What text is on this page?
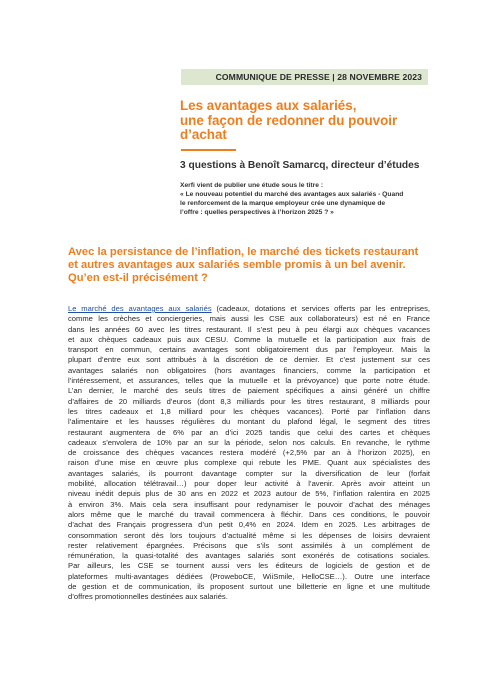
COMMUNIQUE DE PRESSE | 28 NOVEMBRE 2023
Les avantages aux salariés,
une façon de redonner du pouvoir
d’achat
3 questions à Benoît Samarcq, directeur d’études
Xerfi vient de publier une étude sous le titre :
« Le nouveau potentiel du marché des avantages aux salariés - Quand
le renforcement de la marque employeur crée une dynamique de
l’offre : quelles perspectives à l’horizon 2025 ? »
Avec la persistance de l’inflation, le marché des tickets restaurant
et autres avantages aux salariés semble promis à un bel avenir.
Qu’en est-il précisément ?
Le marché des avantages aux salariés (cadeaux, dotations et services offerts par les entreprises,
comme les crèches et conciergeries, mais aussi les CSE aux collaborateurs) est né en France
dans les années 60 avec les titres restaurant. Il s’est peu à peu élargi aux chèques vacances
et aux chèques cadeaux puis aux CESU. Comme la mutuelle et la participation aux frais de
transport en commun, certains avantages sont obligatoirement dus par l’employeur. Mais la
plupart d’entre eux sont attribués à la discrétion de ce dernier. Et c’est justement sur ces
avantages salariés non obligatoires (hors avantages financiers, comme la participation et
l’intéressement, et assurances, telles que la mutuelle et la prévoyance) que porte notre étude.
L’an dernier, le marché des seuls titres de paiement spécifiques a ainsi généré un chiffre
d’affaires de 20 milliards d’euros (dont 8,3 milliards pour les titres restaurant, 8 milliards pour
les titres cadeaux et 1,8 milliard pour les chèques vacances). Porté par l’inflation dans
l’alimentaire et les hausses régulières du montant du plafond légal, le segment des titres
restaurant augmentera de 6% par an d’ici 2025 tandis que celui des cartes et chèques
cadeaux s’envolera de 10% par an sur la période, selon nos calculs. En revanche, le rythme
de croissance des chèques vacances restera modéré (+2,5% par an à l’horizon 2025), en
raison d’une mise en œuvre plus complexe qui rebute les PME. Quant aux spécialistes des
avantages salariés, ils pourront davantage compter sur la diversification de leur (forfait
mobilité, allocation télétravail…) pour doper leur activité à l’avenir. Après avoir atteint un
niveau inédit depuis plus de 30 ans en 2022 et 2023 autour de 5%, l’inflation ralentira en 2025
à environ 3%. Mais cela sera insuffisant pour redynamiser le pouvoir d’achat des ménages
alors même que le marché du travail commencera à fléchir. Dans ces conditions, le pouvoir
d’achat des Français progressera d’un petit 0,4% en 2024. Idem en 2025. Les arbitrages de
consommation seront dès lors toujours d’actualité même si les dépenses de loisirs devraient
rester relativement épargnées. Précisons que s’ils sont assimilés à un complément de
rémunération, la quasi-totalité des avantages salariés sont exonérés de cotisations sociales.
Par ailleurs, les CSE se tournent aussi vers les éditeurs de logiciels de gestion et de
plateformes multi-avantages dédiées (ProweboCE, WiiSmile, HelloCSE…). Outre une interface
de gestion et de communication, ils proposent surtout une billetterie en ligne et une multitude
d’offres promotionnelles destinées aux salariés.
